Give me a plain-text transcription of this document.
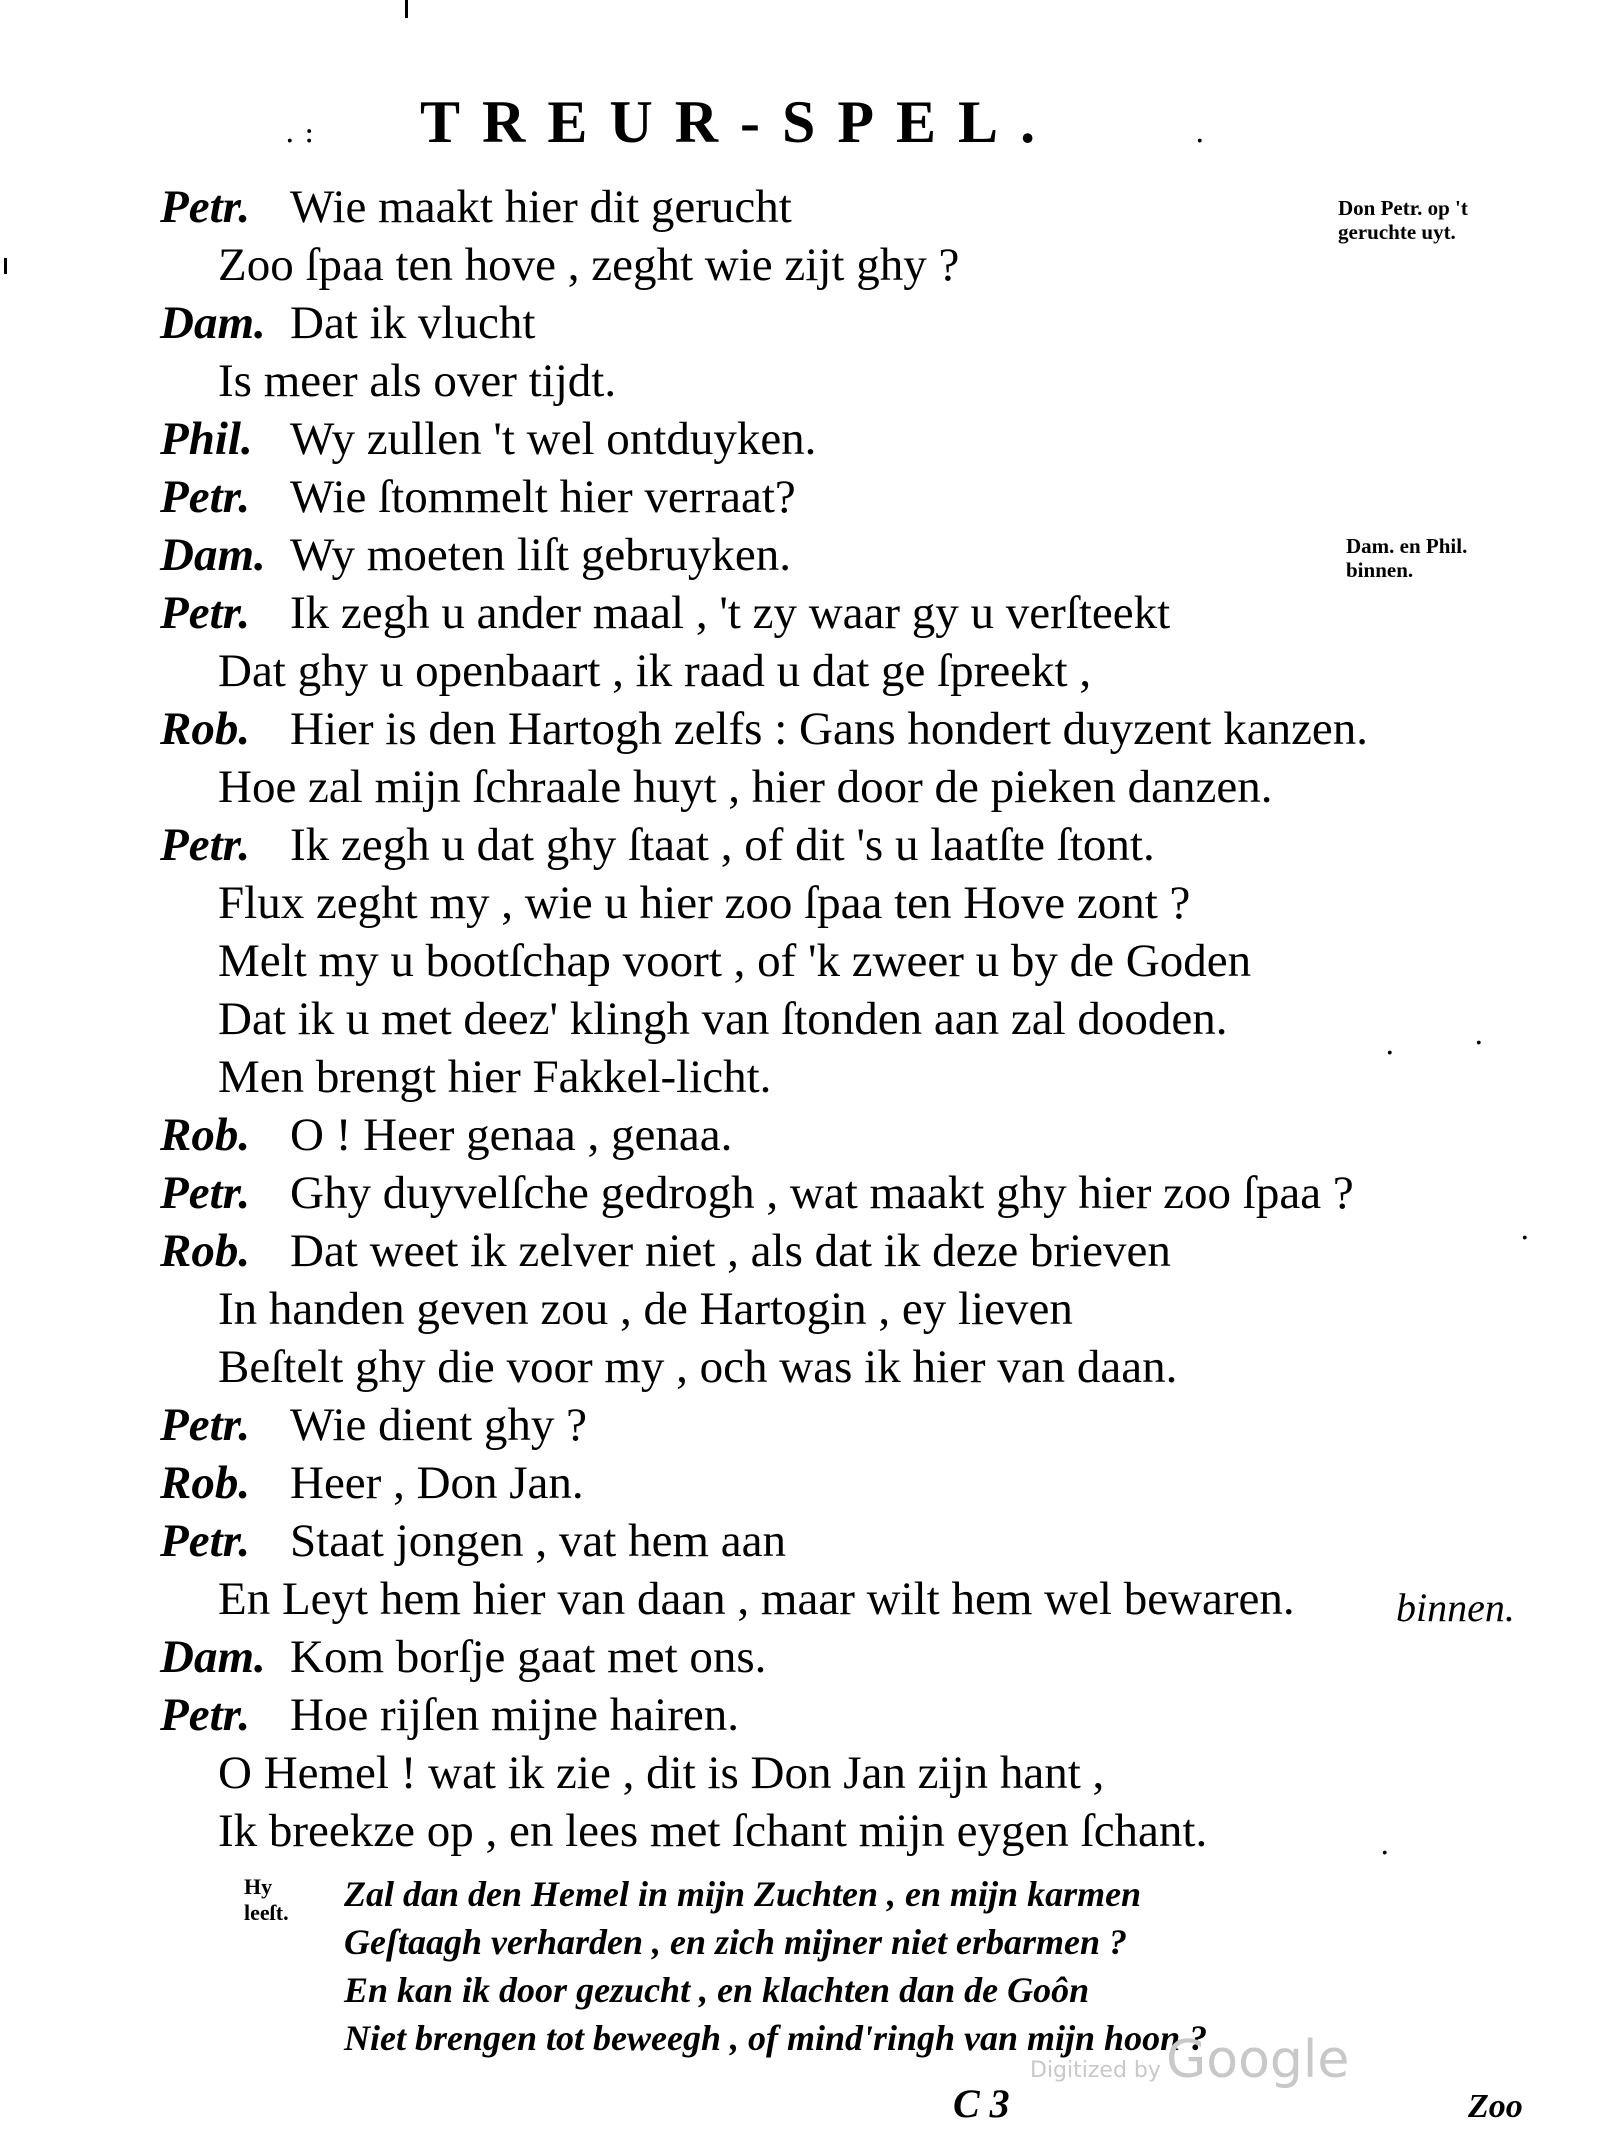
. :	.
TREUR-SPEL.
Petr. Wie maakt hier dit gerucht
Zoo ſpaa ten hove , zeght wie zijt ghy ?
Dam. Dat ik vlucht
Is meer als over tijdt.
Phil. Wy zullen 't wel ontduyken.
Petr. Wie ſtommelt hier verraat?
Dam. Wy moeten liſt gebruyken.
Petr. Ik zegh u ander maal , 't zy waar gy u verſteekt
Dat ghy u openbaart , ik raad u dat ge ſpreekt ,
Rob. Hier is den Hartogh zelfs : Gans hondert duyzent kanzen.
Hoe zal mijn ſchraale huyt , hier door de pieken danzen.
Petr. Ik zegh u dat ghy ſtaat , of dit 's u laatſte ſtont.
Flux zeght my , wie u hier zoo ſpaa ten Hove zont ?
Melt my u bootſchap voort , of 'k zweer u by de Goden
Dat ik u met deez' klingh van ſtonden aan zal dooden.
Men brengt hier Fakkel-licht.
Rob. O ! Heer genaa , genaa.
Petr. Ghy duyvelſche gedrogh , wat maakt ghy hier zoo ſpaa ?
Rob. Dat weet ik zelver niet , als dat ik deze brieven
In handen geven zou , de Hartogin , ey lieven
Beſtelt ghy die voor my , och was ik hier van daan.
Petr. Wie dient ghy ?
Rob. Heer , Don Jan.
Petr. Staat jongen , vat hem aan
En Leyt hem hier van daan , maar wilt hem wel bewaren.
Dam. Kom borſje gaat met ons.
Petr. Hoe rijſen mijne hairen.
O Hemel ! wat ik zie , dit is Don Jan zijn hant ,
Ik breekze op , en lees met ſchant mijn eygen ſchant.
Don Petr. op 't
geruchte uyt.
Dam. en Phil.
binnen.
binnen.
Hy
leeſt.	Zal dan den Hemel in mijn Zuchten , en mijn karmen
Geſtaagh verharden , en zich mijner niet erbarmen ?
En kan ik door gezucht , en klachten dan de Goôn
Niet brengen tot beweegh , of mind'ringh van mijn hoon ?
Digitized by Google
C 3	Zoo
.
.
.
.
